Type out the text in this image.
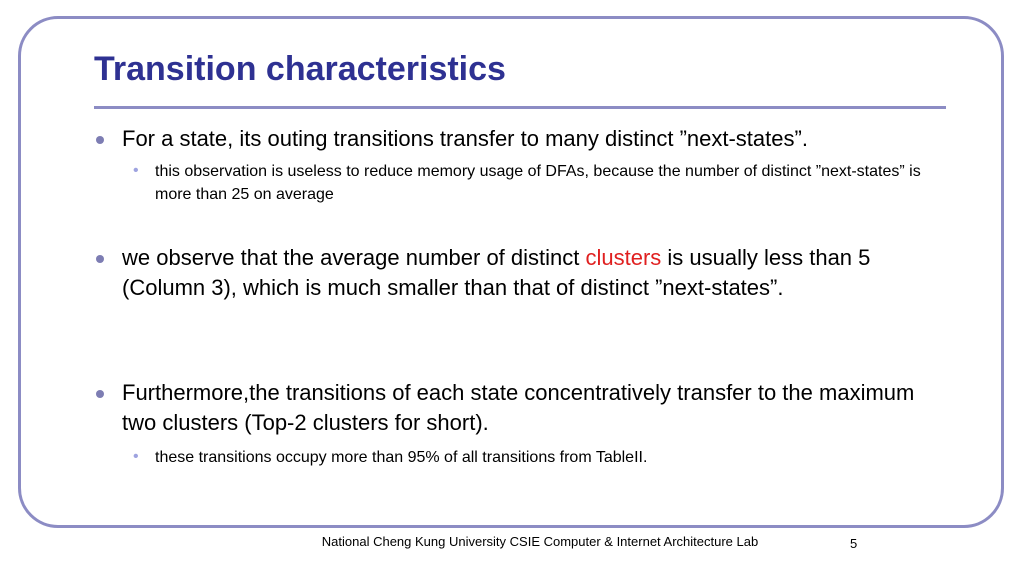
Transition characteristics
For a state, its outing transitions transfer to many distinct ”next-states”.
• this observation is useless to reduce memory usage of DFAs, because the number of distinct ”next-states” is more than 25 on average
we observe that the average number of distinct clusters is usually less than 5 (Column 3), which is much smaller than that of distinct ”next-states”.
Furthermore,the transitions of each state concentratively transfer to the maximum two clusters (Top-2 clusters for short).
• these transitions occupy more than 95% of all transitions from TableII.
National Cheng Kung University CSIE Computer & Internet Architecture Lab	5
